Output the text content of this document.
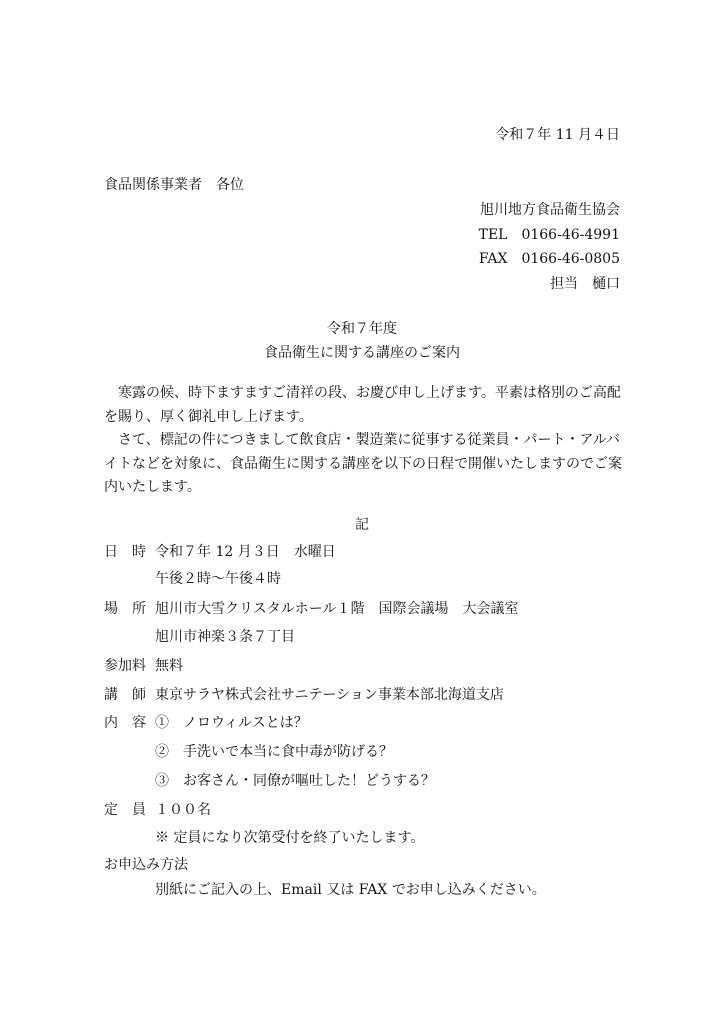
令和７年 11 月４日
食品関係事業者　各位
旭川地方食品衛生協会
TEL　0166-46-4991
FAX　0166-46-0805
担当　樋口
令和７年度
食品衛生に関する講座のご案内

寒露の候、時下ますますご清祥の段、お慶び申し上げます。平素は格別のご高配を賜り、厚く御礼申し上げます。

さて、標記の件につきまして飲食店・製造業に従事する従業員・パート・アルバイトなどを対象に、食品衛生に関する講座を以下の日程で開催いたしますのでご案内いたします。

記
日　時 令和７年 12 月３日　水曜日
午後２時〜午後４時
場　所 旭川市大雪クリスタルホール１階　国際会議場　大会議室
旭川市神楽３条７丁目
参加料 無料
講　師 東京サラヤ株式会社サニテーション事業本部北海道支店
内　容 ①　ノロウィルスとは？
②　手洗いで本当に食中毒が防げる？
③　お客さん・同僚が嘔吐した！どうする？
定　員 １００名
※ 定員になり次第受付を終了いたします。
お申込み方法
別紙にご記入の上、Email 又は FAX でお申し込みください。
